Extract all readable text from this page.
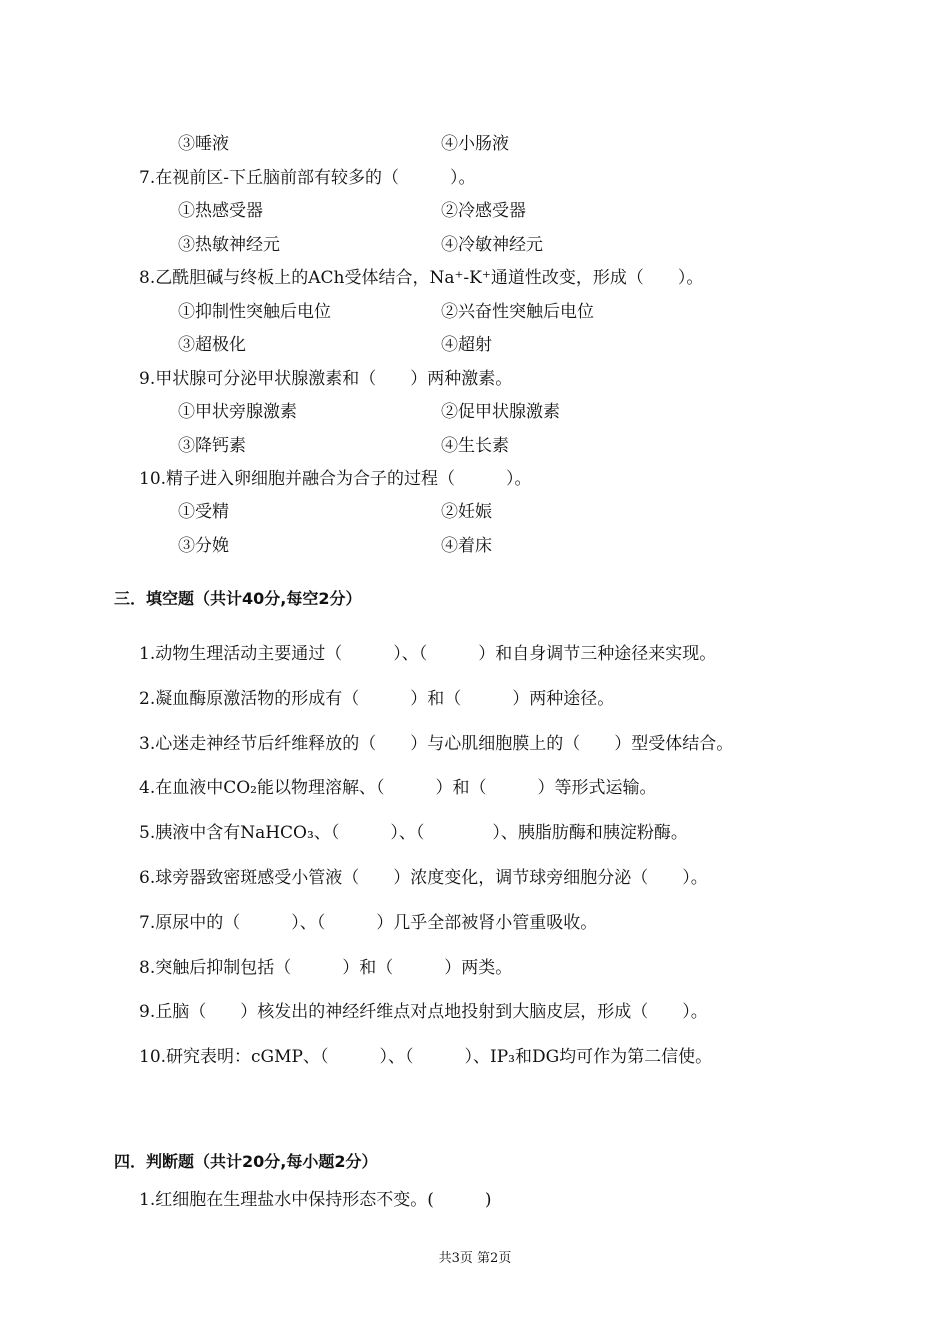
③唾液	④小肠液
7.在视前区-下丘脑前部有较多的（　　　）。
①热感受器	②冷感受器
③热敏神经元	④冷敏神经元
8.乙酰胆碱与终板上的ACh受体结合，Na⁺-K⁺通道性改变，形成（　　）。
①抑制性突触后电位	②兴奋性突触后电位
③超极化	④超射
9.甲状腺可分泌甲状腺激素和（　　）两种激素。
①甲状旁腺激素	②促甲状腺激素
③降钙素	④生长素
10.精子进入卵细胞并融合为合子的过程（　　　）。
①受精	②妊娠
③分娩	④着床
三．填空题（共计40分,每空2分）
1.动物生理活动主要通过（　　　）、（　　　）和自身调节三种途径来实现。
2.凝血酶原激活物的形成有（　　　）和（　　　）两种途径。
3.心迷走神经节后纤维释放的（　　）与心肌细胞膜上的（　　）型受体结合。
4.在血液中CO₂能以物理溶解、（　　　）和（　　　）等形式运输。
5.胰液中含有NaHCO₃、（　　　）、（　　　　）、胰脂肪酶和胰淀粉酶。
6.球旁器致密斑感受小管液（　　）浓度变化，调节球旁细胞分泌（　　）。
7.原尿中的（　　　）、（　　　）几乎全部被肾小管重吸收。
8.突触后抑制包括（　　　）和（　　　）两类。
9.丘脑（　　）核发出的神经纤维点对点地投射到大脑皮层，形成（　　）。
10.研究表明：cGMP、（　　　）、（　　　）、IP₃和DG均可作为第二信使。
四．判断题（共计20分,每小题2分）
1.红细胞在生理盐水中保持形态不变。(　　　)
共3页 第2页
